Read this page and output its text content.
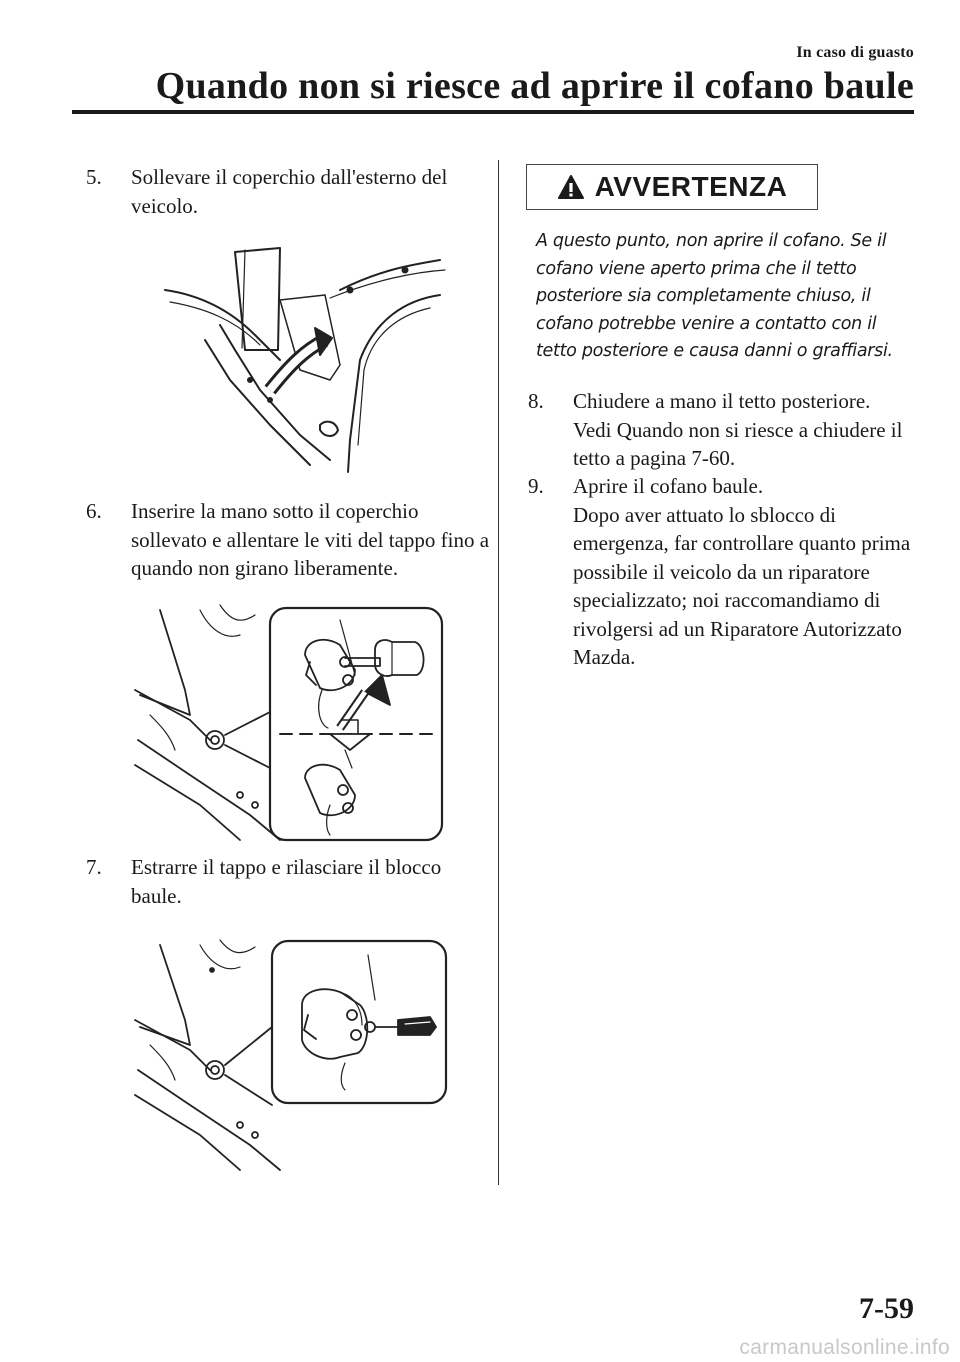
In caso di guasto
Quando non si riesce ad aprire il cofano baule
5.	Sollevare il coperchio dall'esterno del veicolo.
6.	Inserire la mano sotto il coperchio sollevato e allentare le viti del tappo fino a quando non girano liberamente.
7.	Estrarre il tappo e rilasciare il blocco baule.
AVVERTENZA
A questo punto, non aprire il cofano. Se il cofano viene aperto prima che il tetto posteriore sia completamente chiuso, il cofano potrebbe venire a contatto con il tetto posteriore e causa danni o graffiarsi.
8.	Chiudere a mano il tetto posteriore.
Vedi Quando non si riesce a chiudere il tetto a pagina 7-60.
9.	Aprire il cofano baule.
Dopo aver attuato lo sblocco di emergenza, far controllare quanto prima possibile il veicolo da un riparatore specializzato; noi raccomandiamo di rivolgersi ad un Riparatore Autorizzato Mazda.
7-59
carmanualsonline.info
